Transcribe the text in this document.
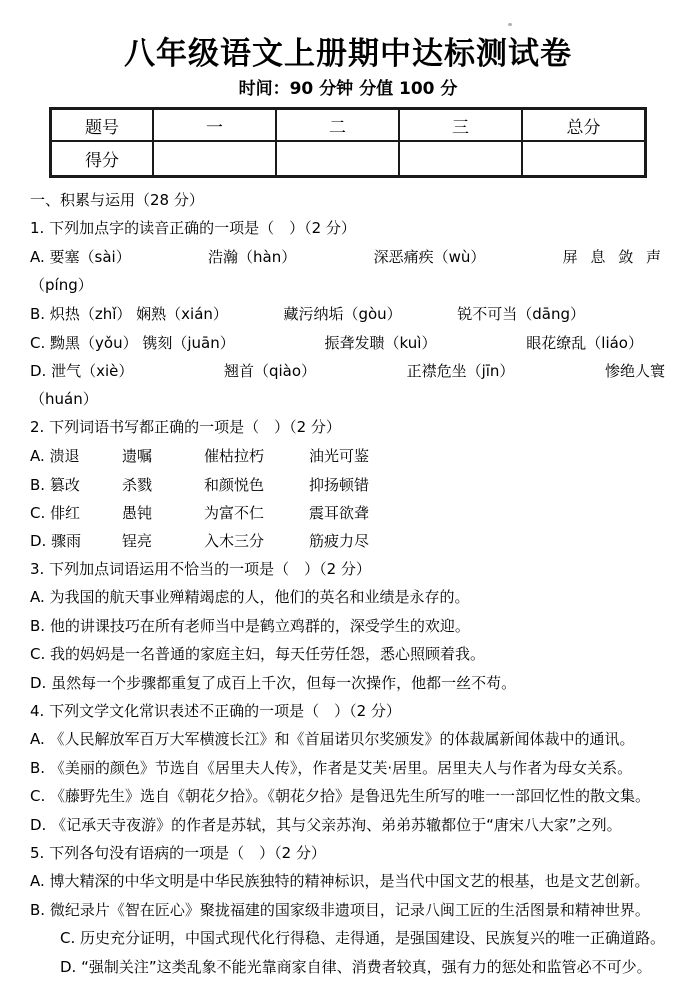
八年级语文上册期中达标测试卷
时间：90 分钟 分值 100 分
题号	一	二	三	总分
得分				
一、积累与运用（28 分）
1. 下列加点字的读音正确的一项是（　）（2 分）
A. 要塞（sài）	浩瀚（hàn）	深恶痛疾（wù）	屏 息 敛 声
（píng）
B. 炽热（zhǐ） 娴熟（xián）	藏污纳垢（gòu）	锐不可当（dāng）
C. 黝黑（yǒu） 镌刻（juān）	振聋发聩（kuì）	眼花缭乱（liáo）
D. 泄气（xiè）	翘首（qiào）	正襟危坐（jīn）	惨绝人寰
（huán）
2. 下列词语书写都正确的一项是（　）（2 分）
A. 溃退	遗嘱	催枯拉朽	油光可鉴
B. 篡改	杀戮	和颜悦色	抑扬顿错
C. 俳红	愚钝	为富不仁	震耳欲聋
D. 骤雨	锃亮	入木三分	筋疲力尽
3. 下列加点词语运用不恰当的一项是（　）（2 分）
A. 为我国的航天事业殚精竭虑的人，他们的英名和业绩是永存的。
B. 他的讲课技巧在所有老师当中是鹤立鸡群的，深受学生的欢迎。
C. 我的妈妈是一名普通的家庭主妇，每天任劳任怨，悉心照顾着我。
D. 虽然每一个步骤都重复了成百上千次，但每一次操作，他都一丝不苟。
4. 下列文学文化常识表述不正确的一项是（　）（2 分）
A. 《人民解放军百万大军横渡长江》和《首届诺贝尔奖颁发》的体裁属新闻体裁中的通讯。
B. 《美丽的颜色》节选自《居里夫人传》，作者是艾芙·居里。居里夫人与作者为母女关系。
C. 《藤野先生》选自《朝花夕拾》。《朝花夕拾》是鲁迅先生所写的唯一一部回忆性的散文集。
D. 《记承天寺夜游》的作者是苏轼，其与父亲苏洵、弟弟苏辙都位于“唐宋八大家”之列。
5. 下列各句没有语病的一项是（　）（2 分）
A. 博大精深的中华文明是中华民族独特的精神标识，是当代中国文艺的根基，也是文艺创新。
B. 微纪录片《智在匠心》聚拢福建的国家级非遗项目，记录八闽工匠的生活图景和精神世界。
C. 历史充分证明，中国式现代化行得稳、走得通，是强国建设、民族复兴的唯一正确道路。
D. “强制关注”这类乱象不能光靠商家自律、消费者较真，强有力的惩处和监管必不可少。
